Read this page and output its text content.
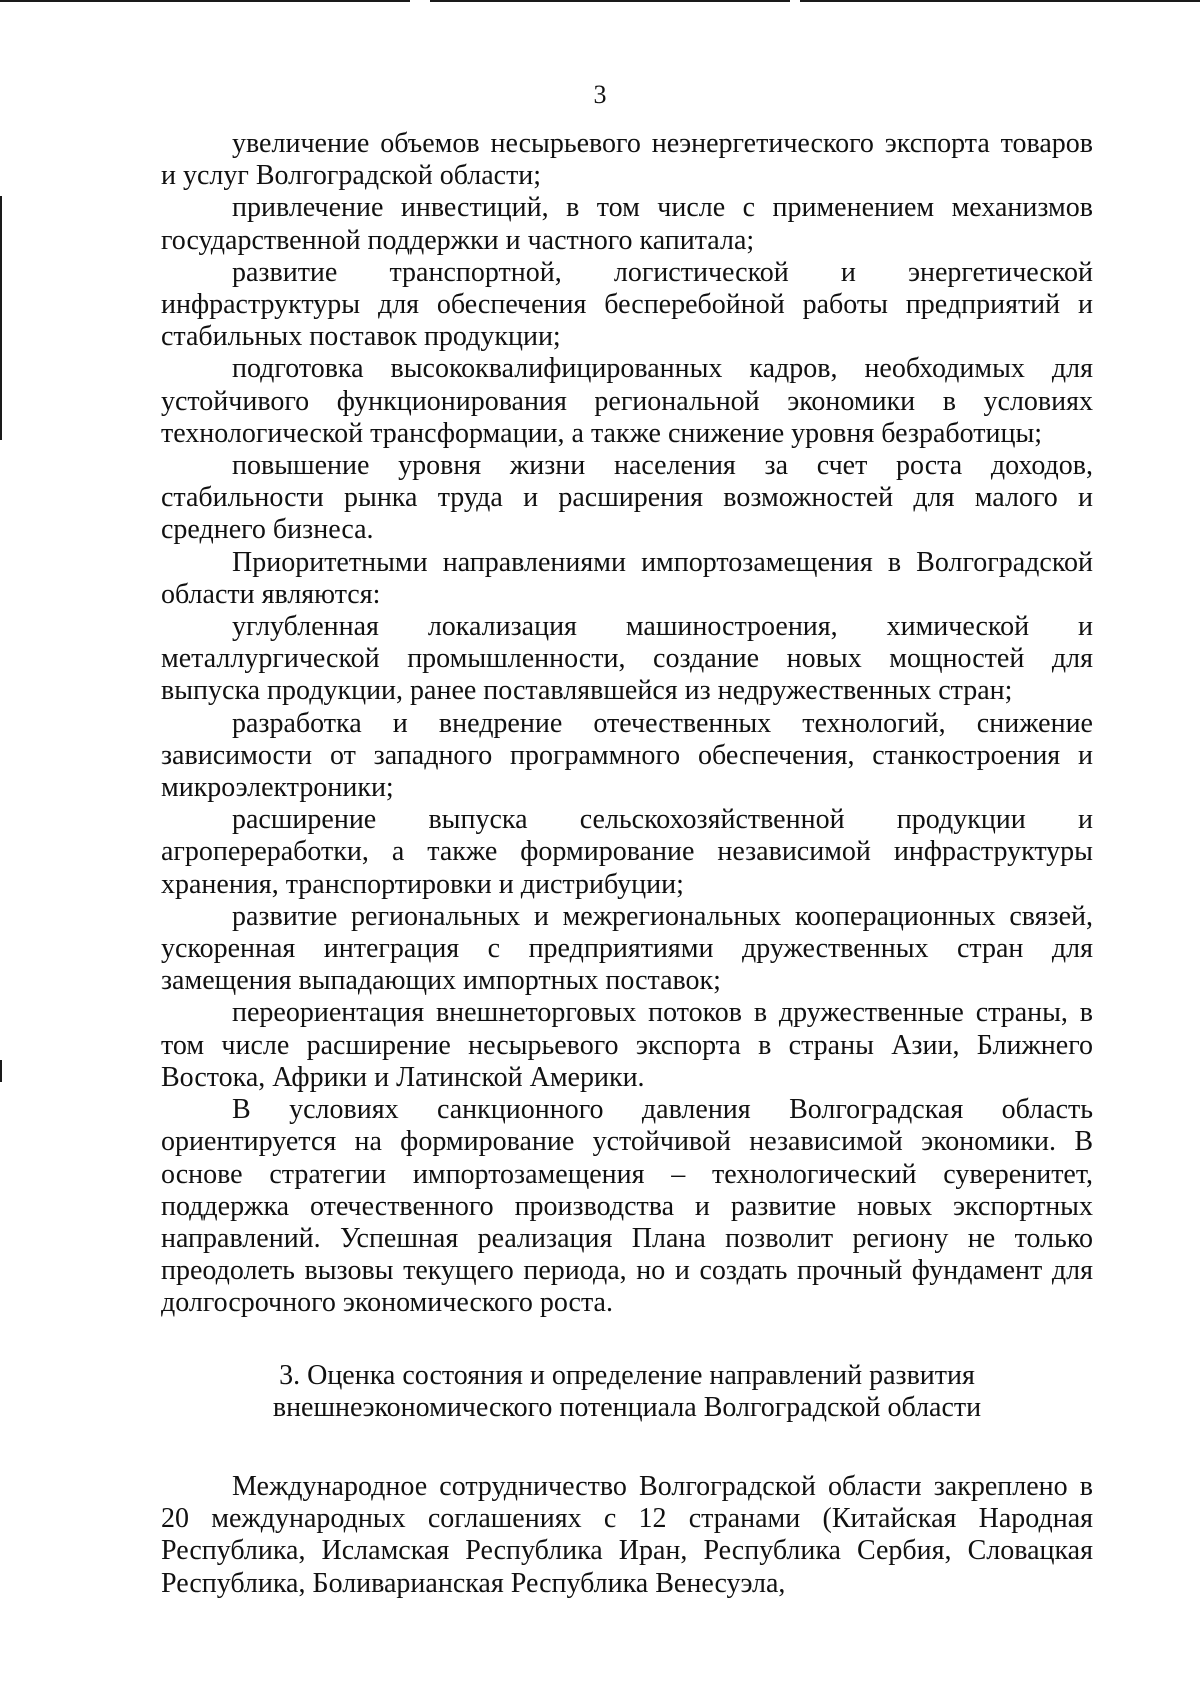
3

увеличение объемов несырьевого неэнергетического экспорта товаров и услуг Волгоградской области;

привлечение инвестиций, в том числе с применением механизмов государственной поддержки и частного капитала;

развитие транспортной, логистической и энергетической инфраструктуры для обеспечения бесперебойной работы предприятий и стабильных поставок продукции;

подготовка высококвалифицированных кадров, необходимых для устойчивого функционирования региональной экономики в условиях технологической трансформации, а также снижение уровня безработицы;

повышение уровня жизни населения за счет роста доходов, стабильности рынка труда и расширения возможностей для малого и среднего бизнеса.

Приоритетными направлениями импортозамещения в Волгоградской области являются:

углубленная локализация машиностроения, химической и металлургической промышленности, создание новых мощностей для выпуска продукции, ранее поставлявшейся из недружественных стран;

разработка и внедрение отечественных технологий, снижение зависимости от западного программного обеспечения, станкостроения и микроэлектроники;

расширение выпуска сельскохозяйственной продукции и агропереработки, а также формирование независимой инфраструктуры хранения, транспортировки и дистрибуции;

развитие региональных и межрегиональных кооперационных связей, ускоренная интеграция с предприятиями дружественных стран для замещения выпадающих импортных поставок;

переориентация внешнеторговых потоков в дружественные страны, в том числе расширение несырьевого экспорта в страны Азии, Ближнего Востока, Африки и Латинской Америки.

В условиях санкционного давления Волгоградская область ориентируется на формирование устойчивой независимой экономики. В основе стратегии импортозамещения – технологический суверенитет, поддержка отечественного производства и развитие новых экспортных направлений. Успешная реализация Плана позволит региону не только преодолеть вызовы текущего периода, но и создать прочный фундамент для долгосрочного экономического роста.

3. Оценка состояния и определение направлений развития внешнеэкономического потенциала Волгоградской области

Международное сотрудничество Волгоградской области закреплено в 20 международных соглашениях с 12 странами (Китайская Народная Республика, Исламская Республика Иран, Республика Сербия, Словацкая Республика, Боливарианская Республика Венесуэла,
